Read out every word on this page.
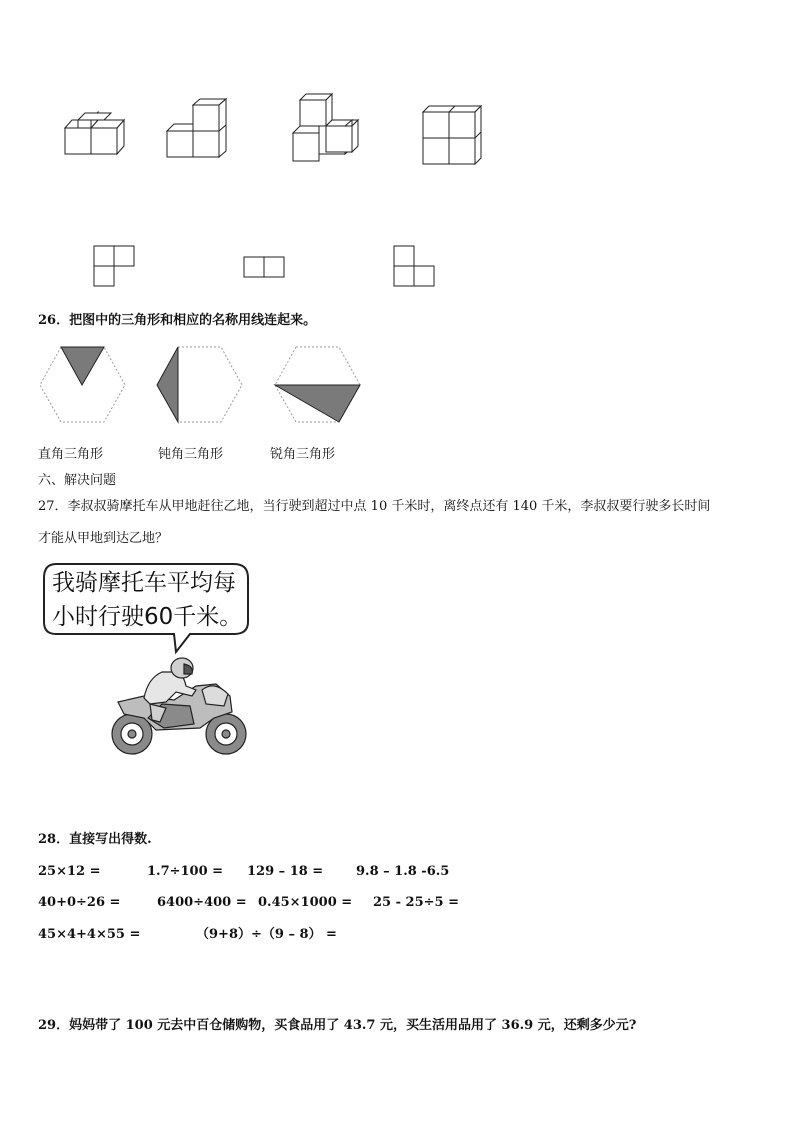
26．把图中的三角形和相应的名称用线连起来。
直角三角形	钝角三角形	锐角三角形
六、解决问题
27．李叔叔骑摩托车从甲地赶往乙地，当行驶到超过中点 10 千米时，离终点还有 140 千米，李叔叔要行驶多长时间
才能从甲地到达乙地？
我骑摩托车平均每
小时行驶60千米。
28．直接写出得数.
25×12 =	1.7÷100 = 129 – 18 =	9.8 – 1.8 -6.5
40+0÷26 =	6400÷400 = 0.45×1000 = 25 - 25÷5 =
45×4+4×55 =	（9+8）÷（9 – 8） =
29．妈妈带了 100 元去中百仓储购物，买食品用了 43.7 元，买生活用品用了 36.9 元，还剩多少元?
